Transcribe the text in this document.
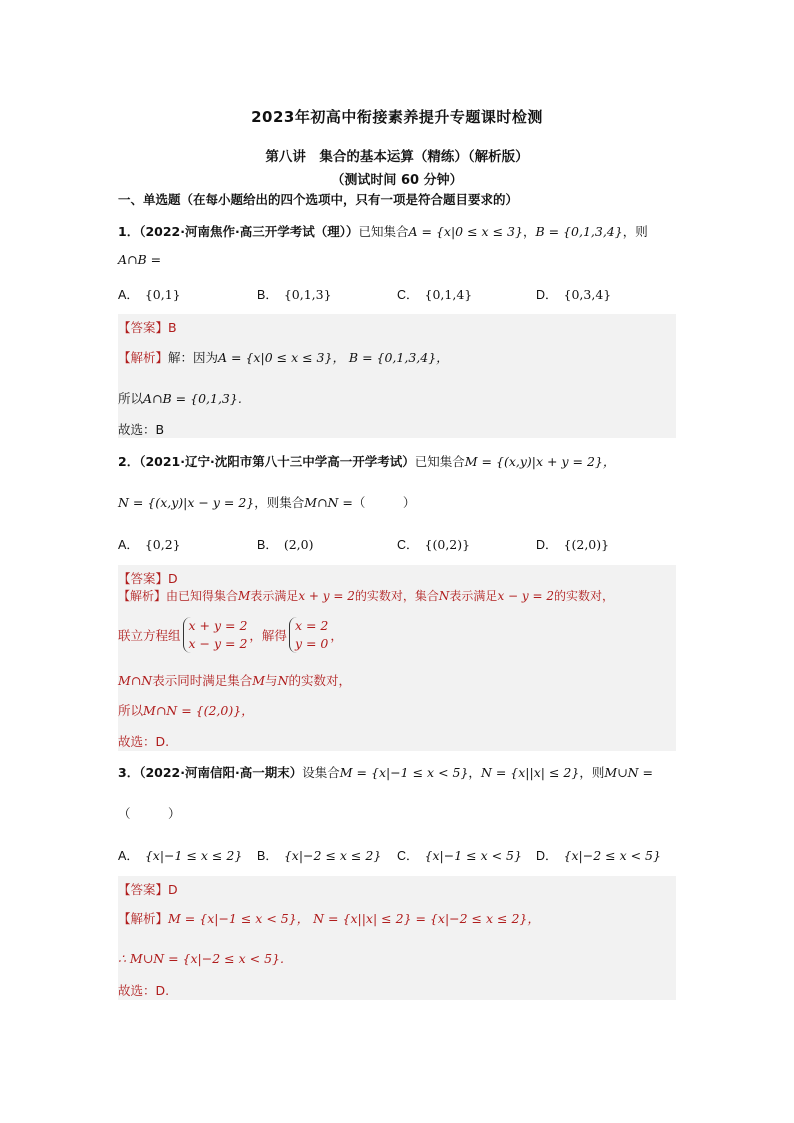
2023年初高中衔接素养提升专题课时检测
第八讲　集合的基本运算（精练）（解析版）
（测试时间 60 分钟）
一、单选题（在每小题给出的四个选项中，只有一项是符合题目要求的）
1．（2022·河南焦作·高三开学考试（理））已知集合A = {x|0 ≤ x ≤ 3}，B = {0,1,3,4}，则
A∩B =
A． {0,1}	B． {0,1,3}	C． {0,1,4}	D． {0,3,4}
【答案】B
【解析】解：因为A = {x|0 ≤ x ≤ 3}， B = {0,1,3,4}，
所以A∩B = {0,1,3}.
故选：B
2．（2021·辽宁·沈阳市第八十三中学高一开学考试）已知集合M = {(x,y)|x + y = 2}，
N = {(x,y)|x − y = 2}，则集合M∩N =（　　　）
A． {0,2}	B． (2,0)	C． {(0,2)}	D． {(2,0)}
【答案】D
【解析】由已知得集合M表示满足x + y = 2的实数对，集合N表示满足x − y = 2的实数对，
联立方程组x + y = 2
x − y = 2，解得x = 2
y = 0，
M∩N表示同时满足集合M与N的实数对，
所以M∩N = {(2,0)}，
故选：D.
3．（2022·河南信阳·高一期末）设集合M = {x|−1 ≤ x < 5}，N = {x||x| ≤ 2}，则M∪N =
（　　　）
A． {x|−1 ≤ x ≤ 2} B． {x|−2 ≤ x ≤ 2} C． {x|−1 ≤ x < 5} D． {x|−2 ≤ x < 5}
【答案】D
【解析】M = {x|−1 ≤ x < 5}， N = {x||x| ≤ 2} = {x|−2 ≤ x ≤ 2}，
∴ M∪N = {x|−2 ≤ x < 5}.
故选：D.
